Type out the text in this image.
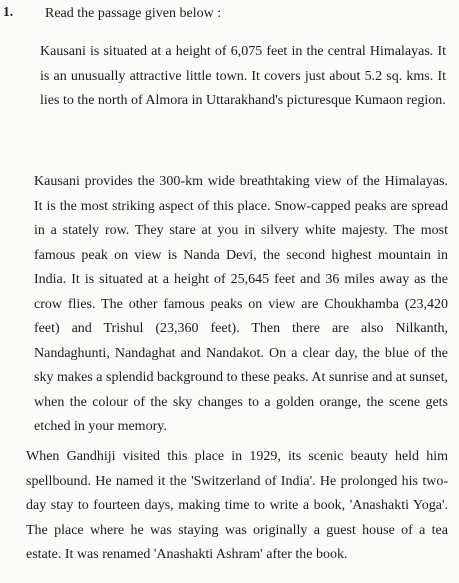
1. Read the passage given below :

Kausani is situated at a height of 6,075 feet in the central Himalayas. It is an unusually attractive little town. It covers just about 5.2 sq. kms. It lies to the north of Almora in Uttarakhand's picturesque Kumaon region.

Kausani provides the 300-km wide breathtaking view of the Himalayas. It is the most striking aspect of this place. Snow-capped peaks are spread in a stately row. They stare at you in silvery white majesty. The most famous peak on view is Nanda Devi, the second highest mountain in India. It is situated at a height of 25,645 feet and 36 miles away as the crow flies. The other famous peaks on view are Choukhamba (23,420 feet) and Trishul (23,360 feet). Then there are also Nilkanth, Nandaghunti, Nandaghat and Nandakot. On a clear day, the blue of the sky makes a splendid background to these peaks. At sunrise and at sunset, when the colour of the sky changes to a golden orange, the scene gets etched in your memory.

When Gandhiji visited this place in 1929, its scenic beauty held him spellbound. He named it the 'Switzerland of India'. He prolonged his two-day stay to fourteen days, making time to write a book, 'Anashakti Yoga'. The place where he was staying was originally a guest house of a tea estate. It was renamed 'Anashakti Ashram' after the book.
